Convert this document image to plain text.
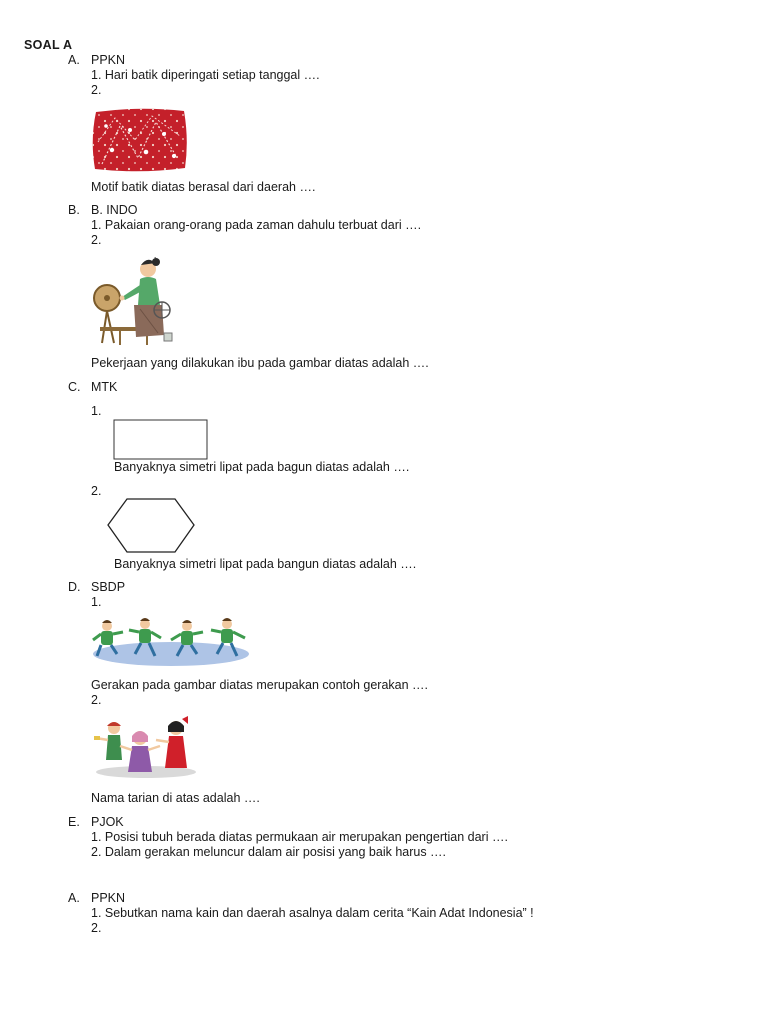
SOAL A
A. PPKN
1. Hari batik diperingati setiap tanggal ….
2.
Motif batik diatas berasal dari daerah ….
B. B. INDO
1. Pakaian orang-orang pada zaman dahulu terbuat dari ….
2.
Pekerjaan yang dilakukan ibu pada gambar diatas adalah ….
C. MTK
1.
Banyaknya simetri lipat pada bagun diatas adalah ….
2.
Banyaknya simetri lipat pada bangun diatas adalah ….
D. SBDP
1.
Gerakan pada gambar diatas merupakan contoh gerakan ….
2.
Nama tarian di atas adalah ….
E. PJOK
1. Posisi tubuh berada diatas permukaan air merupakan pengertian dari ….
2. Dalam gerakan meluncur dalam air posisi yang baik harus ….
A. PPKN
1. Sebutkan nama kain dan daerah asalnya dalam cerita “Kain Adat Indonesia” !
2.
